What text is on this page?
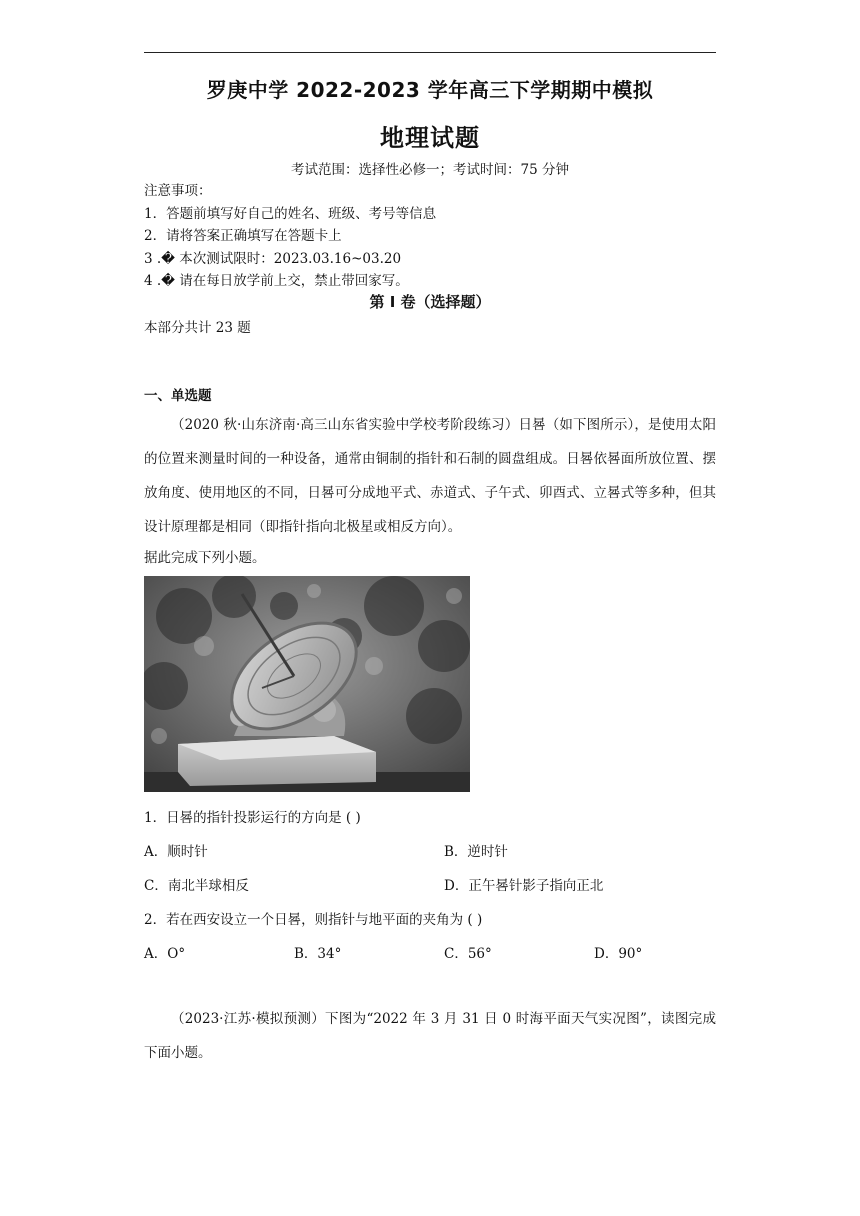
罗庚中学 2022-2023 学年高三下学期期中模拟
地理试题
考试范围：选择性必修一；考试时间：75 分钟
注意事项：
1．答题前填写好自己的姓名、班级、考号等信息
2．请将答案正确填写在答题卡上
3 .� 本次测试限时：2023.03.16~03.20
4 .� 请在每日放学前上交，禁止带回家写。
第 I 卷（选择题）
本部分共计 23 题
一、单选题
（2020 秋·山东济南·高三山东省实验中学校考阶段练习）日晷（如下图所示），是使用太阳的位置来测量时间的一种设备，通常由铜制的指针和石制的圆盘组成。日晷依晷面所放位置、摆放角度、使用地区的不同，日晷可分成地平式、赤道式、子午式、卯酉式、立晷式等多种，但其设计原理都是相同（即指针指向北极星或相反方向）。
据此完成下列小题。
1．日晷的指针投影运行的方向是 ( )
A．顺时针	B．逆时针
C．南北半球相反	D．正午晷针影子指向正北
2．若在西安设立一个日晷，则指针与地平面的夹角为 ( )
A．O°	B．34°	C．56°	D．90°
（2023·江苏·模拟预测）下图为“2022 年 3 月 31 日 0 时海平面天气实况图”，读图完成下面小题。
